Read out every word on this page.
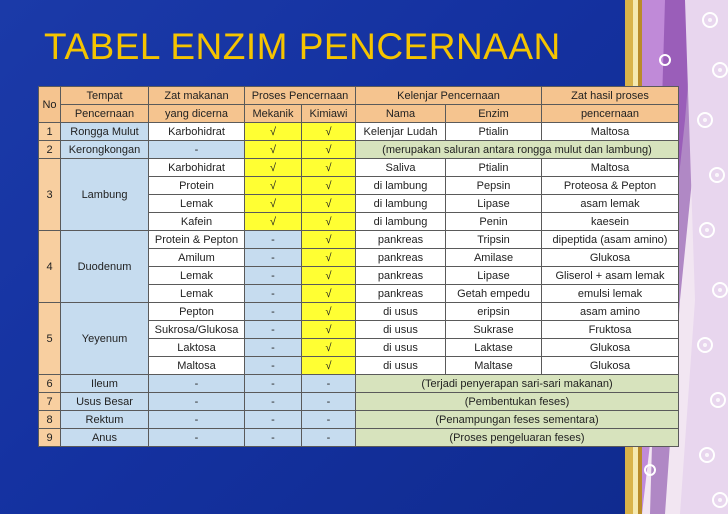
TABEL ENZIM PENCERNAAN
No	Tempat	Zat makanan	Proses Pencernaan		Kelenjar Pencernaan		Zat hasil proses
	Pencernaan	yang dicerna	Mekanik	Kimiawi	Nama	Enzim	pencernaan
1	Rongga Mulut	Karbohidrat	√	√	Kelenjar Ludah	Ptialin	Maltosa
2	Kerongkongan	-	√	√	(merupakan saluran antara rongga mulut dan lambung)		
3	Lambung	Karbohidrat	√	√	Saliva	Ptialin	Maltosa
		Protein	√	√	di lambung	Pepsin	Proteosa & Pepton
		Lemak	√	√	di lambung	Lipase	asam lemak
		Kafein	√	√	di lambung	Penin	kaesein
4	Duodenum	Protein & Pepton	-	√	pankreas	Tripsin	dipeptida (asam amino)
		Amilum	-	√	pankreas	Amilase	Glukosa
		Lemak	-	√	pankreas	Lipase	Gliserol + asam lemak
		Lemak	-	√	pankreas	Getah empedu	emulsi lemak
5	Yeyenum	Pepton	-	√	di usus	eripsin	asam amino
		Sukrosa/Glukosa	-	√	di usus	Sukrase	Fruktosa
		Laktosa	-	√	di usus	Laktase	Glukosa
		Maltosa	-	√	di usus	Maltase	Glukosa
6	Ileum	-	-	-	(Terjadi penyerapan sari-sari makanan)		
7	Usus Besar	-	-	-	(Pembentukan feses)		
8	Rektum	-	-	-	(Penampungan feses sementara)		
9	Anus	-	-	-	(Proses pengeluaran feses)		
